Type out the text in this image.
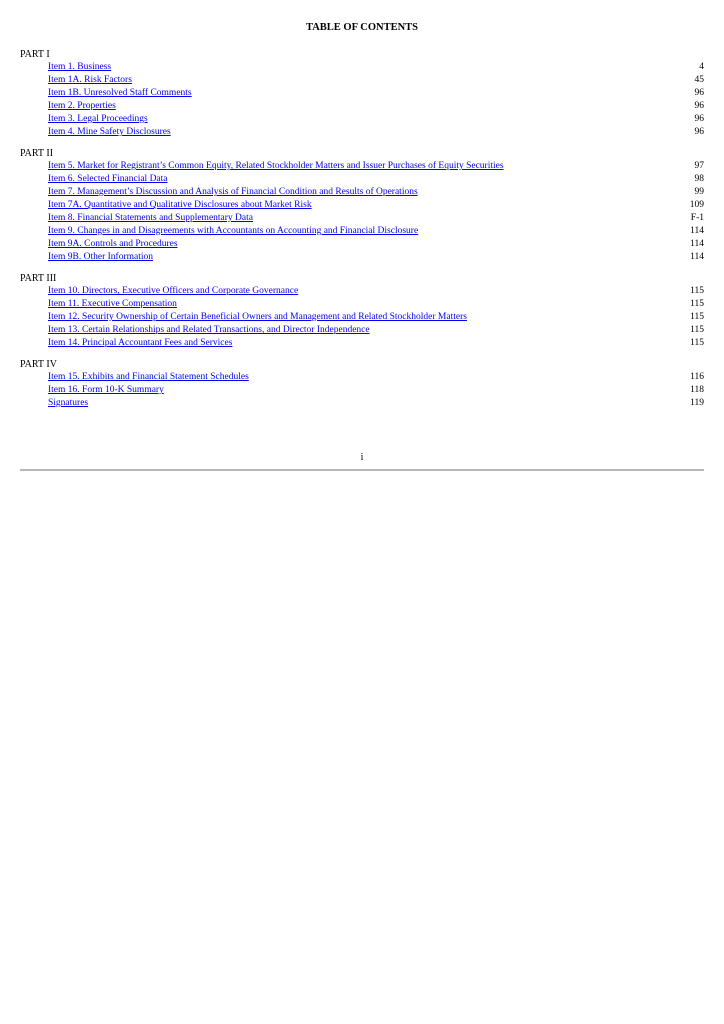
TABLE OF CONTENTS
PART I
Item 1. Business	4
Item 1A. Risk Factors	45
Item 1B. Unresolved Staff Comments	96
Item 2. Properties	96
Item 3. Legal Proceedings	96
Item 4. Mine Safety Disclosures	96
PART II
Item 5. Market for Registrant’s Common Equity, Related Stockholder Matters and Issuer Purchases of Equity Securities	97
Item 6. Selected Financial Data	98
Item 7. Management’s Discussion and Analysis of Financial Condition and Results of Operations	99
Item 7A. Quantitative and Qualitative Disclosures about Market Risk	109
Item 8. Financial Statements and Supplementary Data	F-1
Item 9. Changes in and Disagreements with Accountants on Accounting and Financial Disclosure	114
Item 9A. Controls and Procedures	114
Item 9B. Other Information	114
PART III
Item 10. Directors, Executive Officers and Corporate Governance	115
Item 11. Executive Compensation	115
Item 12. Security Ownership of Certain Beneficial Owners and Management and Related Stockholder Matters	115
Item 13. Certain Relationships and Related Transactions, and Director Independence	115
Item 14. Principal Accountant Fees and Services	115
PART IV
Item 15. Exhibits and Financial Statement Schedules	116
Item 16. Form 10-K Summary	118
Signatures	119
i
